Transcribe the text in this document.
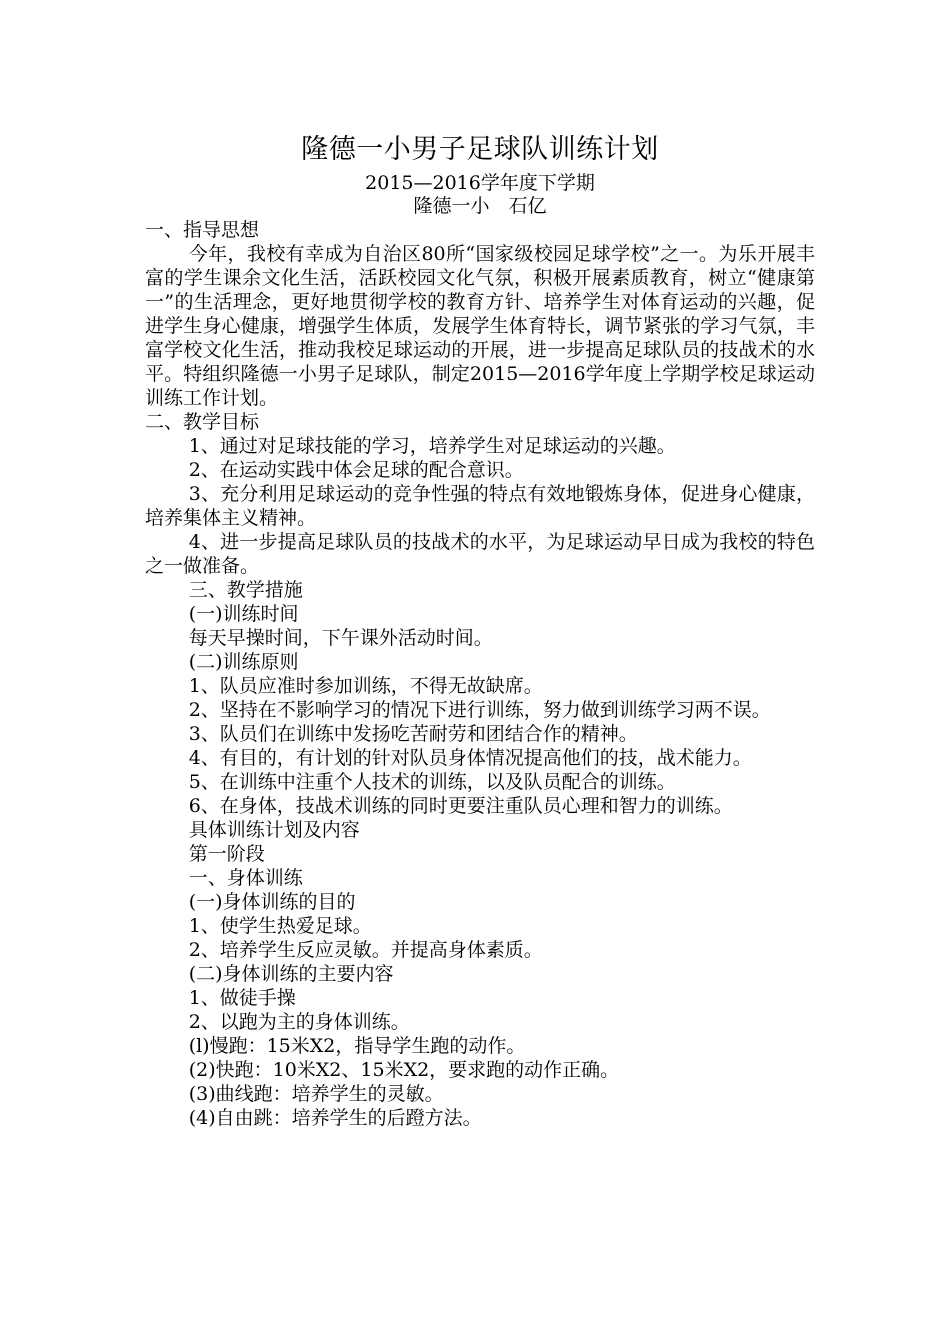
隆德一小男子足球队训练计划
2015—2016学年度下学期
隆德一小　石亿

一、指导思想

今年，我校有幸成为自治区80所“国家级校园足球学校”之一。为乐开展丰富的学生课余文化生活，活跃校园文化气氛，积极开展素质教育，树立“健康第一”的生活理念，更好地贯彻学校的教育方针、培养学生对体育运动的兴趣，促进学生身心健康，增强学生体质，发展学生体育特长，调节紧张的学习气氛，丰富学校文化生活，推动我校足球运动的开展，进一步提高足球队员的技战术的水平。特组织隆德一小男子足球队，制定2015—2016学年度上学期学校足球运动训练工作计划。

二、教学目标

1、通过对足球技能的学习，培养学生对足球运动的兴趣。

2、在运动实践中体会足球的配合意识。

3、充分利用足球运动的竞争性强的特点有效地锻炼身体，促进身心健康，培养集体主义精神。

4、进一步提高足球队员的技战术的水平，为足球运动早日成为我校的特色之一做准备。

三、教学措施

(一)训练时间

每天早操时间，下午课外活动时间。

(二)训练原则

1、队员应准时参加训练，不得无故缺席。

2、坚持在不影响学习的情况下进行训练，努力做到训练学习两不误。

3、队员们在训练中发扬吃苦耐劳和团结合作的精神。

4、有目的，有计划的针对队员身体情况提高他们的技，战术能力。

5、在训练中注重个人技术的训练，以及队员配合的训练。

6、在身体，技战术训练的同时更要注重队员心理和智力的训练。

具体训练计划及内容

第一阶段

一、身体训练

(一)身体训练的目的

1、使学生热爱足球。

2、培养学生反应灵敏。并提高身体素质。

(二)身体训练的主要内容

1、做徒手操

2、以跑为主的身体训练。

(l)慢跑：15米X2，指导学生跑的动作。

(2)快跑：10米X2、15米X2，要求跑的动作正确。

(3)曲线跑：培养学生的灵敏。

(4)自由跳：培养学生的后蹬方法。
